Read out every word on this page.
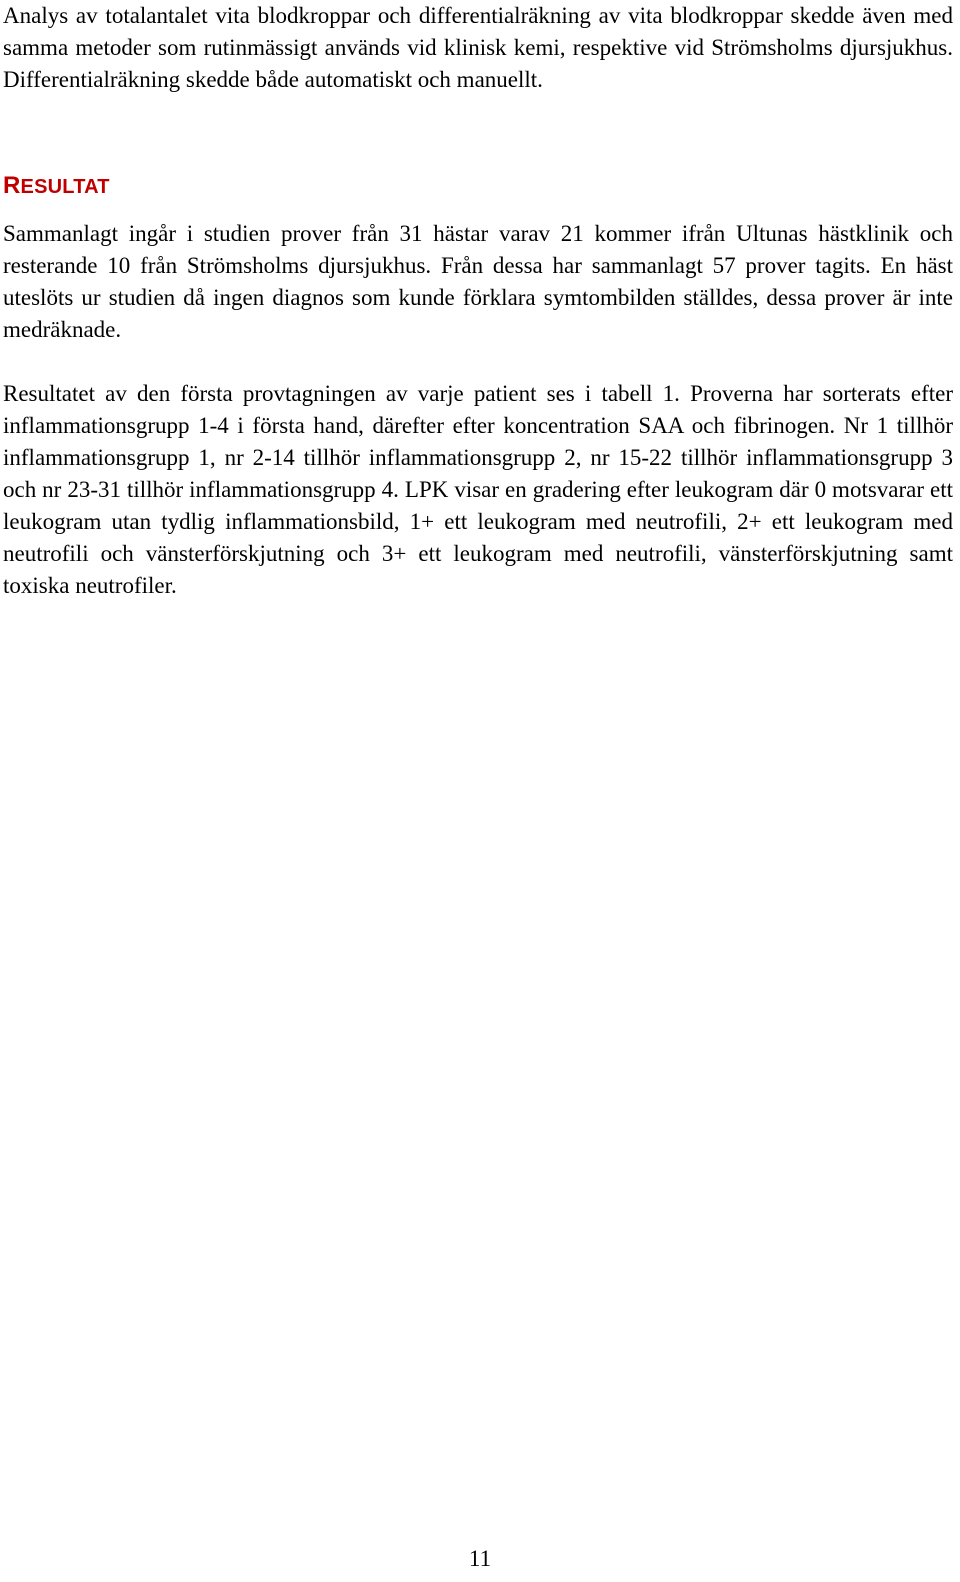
Analys av totalantalet vita blodkroppar och differentialräkning av vita blodkroppar skedde även med samma metoder som rutinmässigt används vid klinisk kemi, respektive vid Strömsholms djursjukhus. Differentialräkning skedde både automatiskt och manuellt.

RESULTAT

Sammanlagt ingår i studien prover från 31 hästar varav 21 kommer ifrån Ultunas hästklinik och resterande 10 från Strömsholms djursjukhus. Från dessa har sammanlagt 57 prover tagits. En häst uteslöts ur studien då ingen diagnos som kunde förklara symtombilden ställdes, dessa prover är inte medräknade.

Resultatet av den första provtagningen av varje patient ses i tabell 1. Proverna har sorterats efter inflammationsgrupp 1-4 i första hand, därefter efter koncentration SAA och fibrinogen. Nr 1 tillhör inflammationsgrupp 1, nr 2-14 tillhör inflammationsgrupp 2, nr 15-22 tillhör inflammationsgrupp 3 och nr 23-31 tillhör inflammationsgrupp 4. LPK visar en gradering efter leukogram där 0 motsvarar ett leukogram utan tydlig inflammationsbild, 1+ ett leukogram med neutrofili, 2+ ett leukogram med neutrofili och vänsterförskjutning och 3+ ett leukogram med neutrofili, vänsterförskjutning samt toxiska neutrofiler.

11
